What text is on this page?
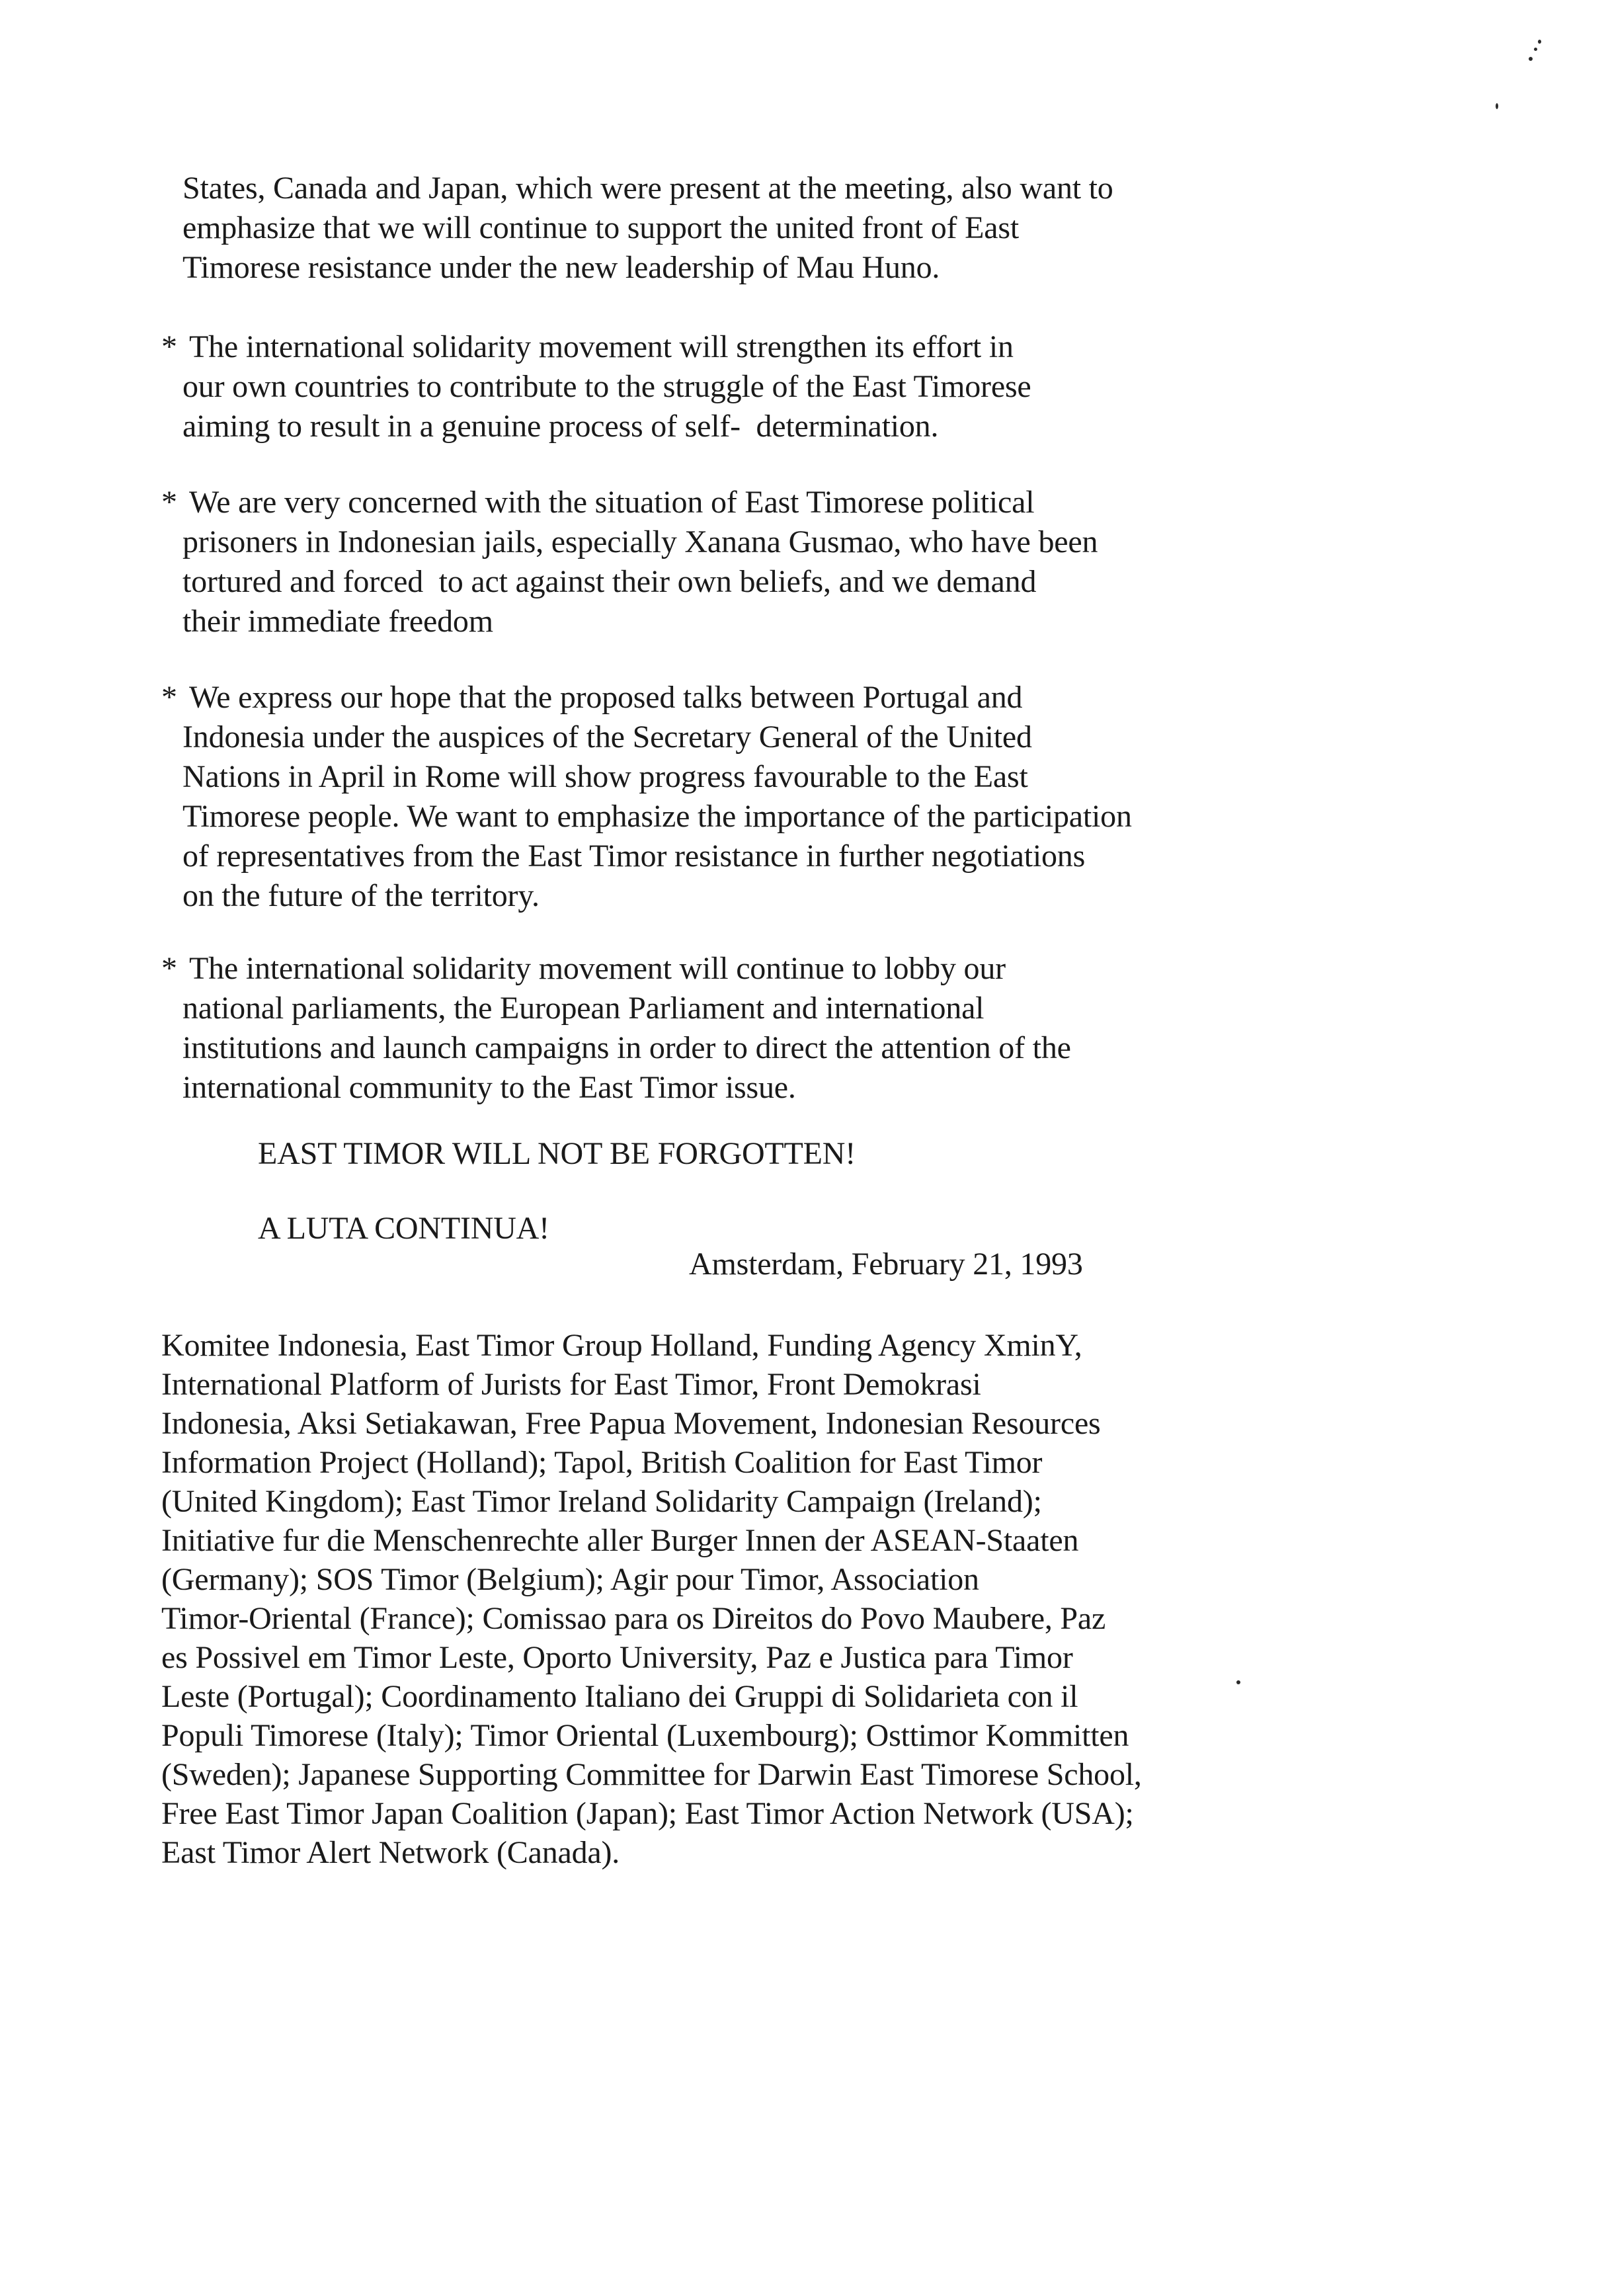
States, Canada and Japan, which were present at the meeting, also want to
emphasize that we will continue to support the united front of East
Timorese resistance under the new leadership of Mau Huno.
* The international solidarity movement will strengthen its effort in
our own countries to contribute to the struggle of the East Timorese
aiming to result in a genuine process of self-  determination.
* We are very concerned with the situation of East Timorese political
prisoners in Indonesian jails, especially Xanana Gusmao, who have been
tortured and forced  to act against their own beliefs, and we demand
their immediate freedom
* We express our hope that the proposed talks between Portugal and
Indonesia under the auspices of the Secretary General of the United
Nations in April in Rome will show progress favourable to the East
Timorese people. We want to emphasize the importance of the participation
of representatives from the East Timor resistance in further negotiations
on the future of the territory.
* The international solidarity movement will continue to lobby our
national parliaments, the European Parliament and international
institutions and launch campaigns in order to direct the attention of the
international community to the East Timor issue.
EAST TIMOR WILL NOT BE FORGOTTEN!
A LUTA CONTINUA!
Amsterdam, February 21, 1993
Komitee Indonesia, East Timor Group Holland, Funding Agency XminY,
International Platform of Jurists for East Timor, Front Demokrasi
Indonesia, Aksi Setiakawan, Free Papua Movement, Indonesian Resources
Information Project (Holland); Tapol, British Coalition for East Timor
(United Kingdom); East Timor Ireland Solidarity Campaign (Ireland);
Initiative fur die Menschenrechte aller Burger Innen der ASEAN-Staaten
(Germany); SOS Timor (Belgium); Agir pour Timor, Association
Timor-Oriental (France); Comissao para os Direitos do Povo Maubere, Paz
es Possivel em Timor Leste, Oporto University, Paz e Justica para Timor
Leste (Portugal); Coordinamento Italiano dei Gruppi di Solidarieta con il
Populi Timorese (Italy); Timor Oriental (Luxembourg); Osttimor Kommitten
(Sweden); Japanese Supporting Committee for Darwin East Timorese School,
Free East Timor Japan Coalition (Japan); East Timor Action Network (USA);
East Timor Alert Network (Canada).
